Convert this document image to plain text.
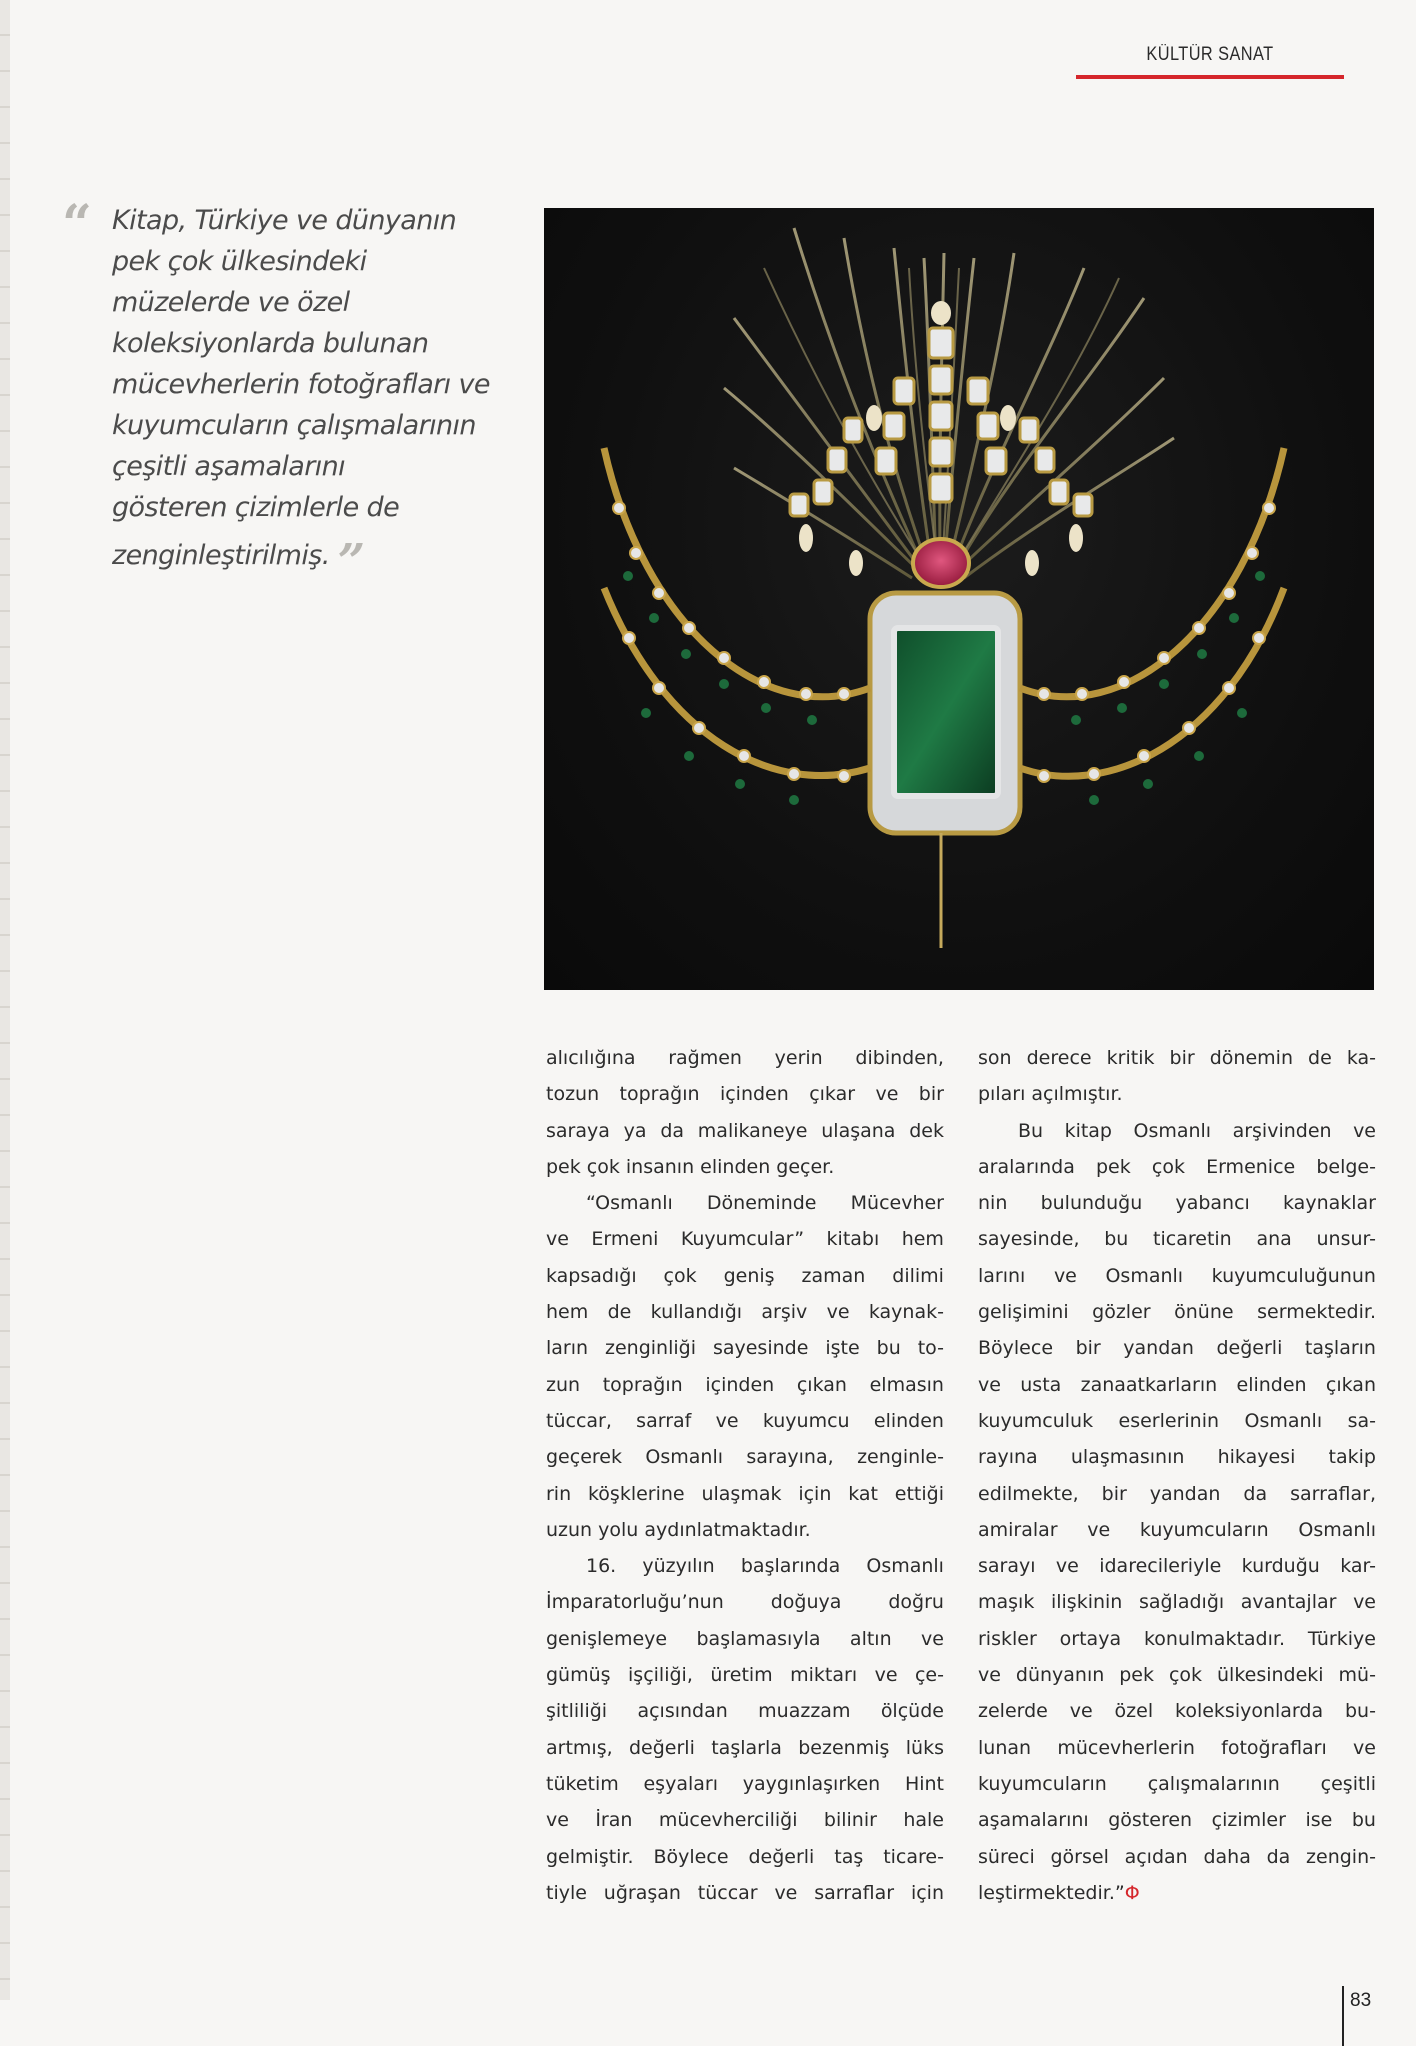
KÜLTÜR SANAT
“ Kitap, Türkiye ve dünyanın
pek çok ülkesindeki
müzelerde ve özel
koleksiyonlarda bulunan
mücevherlerin fotoğrafları ve
kuyumcuların çalışmalarının
çeşitli aşamalarını
gösteren çizimlerle de
zenginleştirilmiş. ”

alıcılığına rağmen yerin dibinden,
tozun toprağın içinden çıkar ve bir
saraya ya da malikaneye ulaşana dek
pek çok insanın elinden geçer.
“Osmanlı Döneminde Mücevher
ve Ermeni Kuyumcular” kitabı hem
kapsadığı çok geniş zaman dilimi
hem de kullandığı arşiv ve kaynak-
ların zenginliği sayesinde işte bu to-
zun toprağın içinden çıkan elmasın
tüccar, sarraf ve kuyumcu elinden
geçerek Osmanlı sarayına, zenginle-
rin köşklerine ulaşmak için kat ettiği
uzun yolu aydınlatmaktadır.
16. yüzyılın başlarında Osmanlı
İmparatorluğu’nun doğuya doğru
genişlemeye başlamasıyla altın ve
gümüş işçiliği, üretim miktarı ve çe-
şitliliği açısından muazzam ölçüde
artmış, değerli taşlarla bezenmiş lüks
tüketim eşyaları yaygınlaşırken Hint
ve İran mücevherciliği bilinir hale
gelmiştir. Böylece değerli taş ticare-
tiyle uğraşan tüccar ve sarraflar için
son derece kritik bir dönemin de ka-
pıları açılmıştır.
Bu kitap Osmanlı arşivinden ve
aralarında pek çok Ermenice belge-
nin bulunduğu yabancı kaynaklar
sayesinde, bu ticaretin ana unsur-
larını ve Osmanlı kuyumculuğunun
gelişimini gözler önüne sermektedir.
Böylece bir yandan değerli taşların
ve usta zanaatkarların elinden çıkan
kuyumculuk eserlerinin Osmanlı sa-
rayına ulaşmasının hikayesi takip
edilmekte, bir yandan da sarraflar,
amiralar ve kuyumcuların Osmanlı
sarayı ve idarecileriyle kurduğu kar-
maşık ilişkinin sağladığı avantajlar ve
riskler ortaya konulmaktadır. Türkiye
ve dünyanın pek çok ülkesindeki mü-
zelerde ve özel koleksiyonlarda bu-
lunan mücevherlerin fotoğrafları ve
kuyumcuların çalışmalarının çeşitli
aşamalarını gösteren çizimler ise bu
süreci görsel açıdan daha da zengin-
leştirmektedir.” Φ
83
